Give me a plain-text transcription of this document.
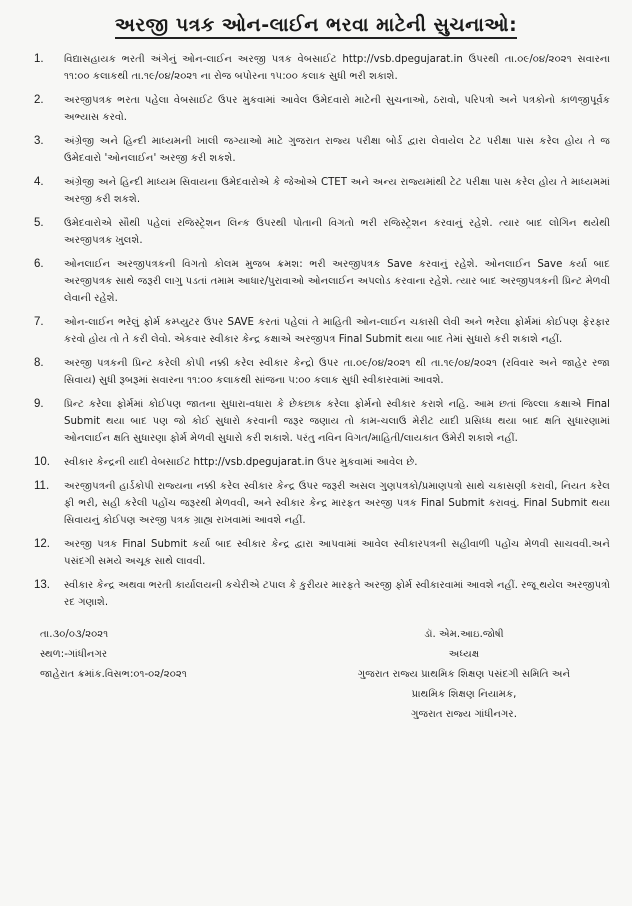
અરજી પત્રક ઓન-લાઈન ભરવા માટેની સુચનાઓ:
1.	વિદ્યાસહાયક ભરતી અંગેનું ઓન-લાઈન અરજી પત્રક વેબસાઈટ http://vsb.dpegujarat.in ઉપરથી તા.૦૯/૦૪/૨૦૨૧ સવારના ૧૧:૦૦ કલાકથી તા.૧૯/૦૪/૨૦૨૧ ના રોજ બપોરના ૧૫:૦૦ કલાક સુધી ભરી શકાશે.
2.	અરજીપત્રક ભરતા પહેલા વેબસાઈટ ઉપર મુકવામાં આવેલ ઉમેદવારો માટેની સુચનાઓ, ઠરાવો, પરિપત્રો અને પત્રકોનો કાળજીપૂર્વક અભ્યાસ કરવો.
3.	અંગ્રેજી અને હિન્દી માધ્યમની ખાલી જગ્યાઓ માટે ગુજરાત રાજ્ય પરીક્ષા બોર્ડ દ્વારા લેવાયેલ ટેટ પરીક્ષા પાસ કરેલ હોય તે જ ઉમેદવારો 'ઓનલાઈન' અરજી કરી શકશે.
4.	અંગ્રેજી અને હિન્દી માધ્યમ સિવાયના ઉમેદવારોએ કે જેઓએ CTET અને અન્ય રાજ્યમાંથી ટેટ પરીક્ષા પાસ કરેલ હોય તે માધ્યમમાં અરજી કરી શકશે.
5.	ઉમેદવારોએ સૌથી પહેલાં રજિસ્ટ્રેશન લિન્ક ઉપરથી પોતાની વિગતો ભરી રજિસ્ટ્રેશન કરવાનું રહેશે. ત્યાર બાદ લોગિન થયેથી અરજીપત્રક ખુલશે.
6.	ઓનલાઈન અરજીપત્રકની વિગતો કોલમ મુજબ ક્રમશ: ભરી અરજીપત્રક Save કરવાનું રહેશે. ઓનલાઈન Save કર્યા બાદ અરજીપત્રક સાથે જરૂરી લાગુ પડતાં તમામ આધાર/પુરાવાઓ ઓનલાઈન અપલોડ કરવાના રહેશે. ત્યાર બાદ અરજીપત્રકની પ્રિન્ટ મેળવી લેવાની રહેશે.
7.	ઓન-લાઈન ભરેલું ફોર્મ કમ્પ્યુટર ઉપર SAVE કરતાં પહેલાં તે માહિતી ઓન-લાઈન ચકાસી લેવી અને ભરેલા ફોર્મમાં કોઈપણ ફેરફાર કરવો હોય તો તે કરી લેવો. એકવાર સ્વીકાર કેન્દ્ર કક્ષાએ અરજીપત્ર Final Submit થયા બાદ તેમાં સુધારો કરી શકાશે નહીં.
8.	અરજી પત્રકની પ્રિન્ટ કરેલી કોપી નક્કી કરેલ સ્વીકાર કેન્દ્રો ઉપર તા.૦૯/૦૪/૨૦૨૧ થી તા.૧૯/૦૪/૨૦૨૧ (રવિવાર અને જાહેર રજા સિવાય) સુધી રૂબરૂમાં સવારના ૧૧:૦૦ કલાકથી સાંજના ૫:૦૦ કલાક સુધી સ્વીકારવામાં આવશે.
9.	પ્રિન્ટ કરેલા ફોર્મમાં કોઈપણ જાતના સુધારા-વધારા કે છેકછાક કરેલા ફોર્મનો સ્વીકાર કરાશે નહિ. આમ છતાં જિલ્લા કક્ષાએ Final Submit થયા બાદ પણ જો કોઈ સુધારો કરવાની જરૂર જણાય તો કામ-ચલાઉ મેરીટ યાદી પ્રસિધ્ધ થયા બાદ ક્ષતિ સુધારણામાં ઓનલાઈન ક્ષતિ સુધારણા ફોર્મ મેળવી સુધારો કરી શકાશે. પરંતુ નવિન વિગત/માહિતી/લાયકાત ઉમેરી શકાશે નહીં.
10.	સ્વીકાર કેન્દ્રની યાદી વેબસાઈટ http://vsb.dpegujarat.in ઉપર મુકવામાં આવેલ છે.
11.	અરજીપત્રની હાર્ડકોપી રાજ્યના નક્કી કરેલ સ્વીકાર કેન્દ્ર ઉપર જરૂરી અસલ ગુણપત્રકો/પ્રમાણપત્રો સાથે ચકાસણી કરાવી, નિયત કરેલ ફી ભરી, સહી કરેલી પહોંચ જરૂરથી મેળવવી, અને સ્વીકાર કેન્દ્ર મારફત અરજી પત્રક Final Submit કરાવવું. Final Submit થયા સિવાયનું કોઈપણ અરજી પત્રક ગ્રાહ્ય રાખવામાં આવશે નહીં.
12.	અરજી પત્રક Final Submit કર્યા બાદ સ્વીકાર કેન્દ્ર દ્વારા આપવામાં આવેલ સ્વીકારપત્રની સહીવાળી પહોંચ મેળવી સાચવવી.અને પસંદગી સમયે અચૂક સાથે લાવવી.
13.	સ્વીકાર કેન્દ્ર અથવા ભરતી કાર્યાલયની કચેરીએ ટપાલ કે કુરીયર મારફતે અરજી ફોર્મ સ્વીકારવામાં આવશે નહીં. રજૂ થયેલ અરજીપત્રો રદ ગણાશે.
તા.૩૦/૦૩/૨૦૨૧
સ્થળ:-ગાંધીનગર
જાહેરાત ક્રમાંક.વિસભ:૦૧-૦૨/૨૦૨૧
ડૉ. એમ.આઇ.જોષી
અધ્યક્ષ
ગુજરાત રાજ્ય પ્રાથમિક શિક્ષણ પસંદગી સમિતિ અને
પ્રાથમિક શિક્ષણ નિયામક,
ગુજરાત રાજ્ય ગાંધીનગર.
